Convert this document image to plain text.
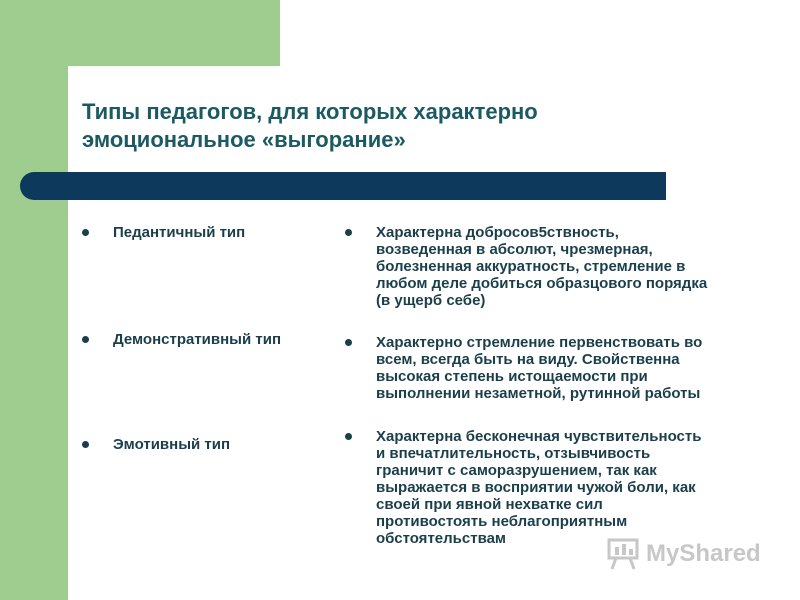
Типы педагогов, для которых характерно
эмоциональное «выгорание»
Педантичный тип
Демонстративный тип
Эмотивный тип
Характерна добросов5ствность,
возведенная в абсолют, чрезмерная,
болезненная аккуратность, стремление в
любом деле добиться образцового порядка
(в ущерб себе)
Характерно стремление первенствовать во
всем, всегда быть на виду. Свойственна
высокая степень истощаемости при
выполнении незаметной, рутинной работы
Характерна бесконечная чувствительность
и впечатлительность, отзывчивость
граничит с саморазрушением, так как
выражается в восприятии чужой боли, как
своей при явной нехватке сил
противостоять неблагоприятным
обстоятельствам
MyShared
